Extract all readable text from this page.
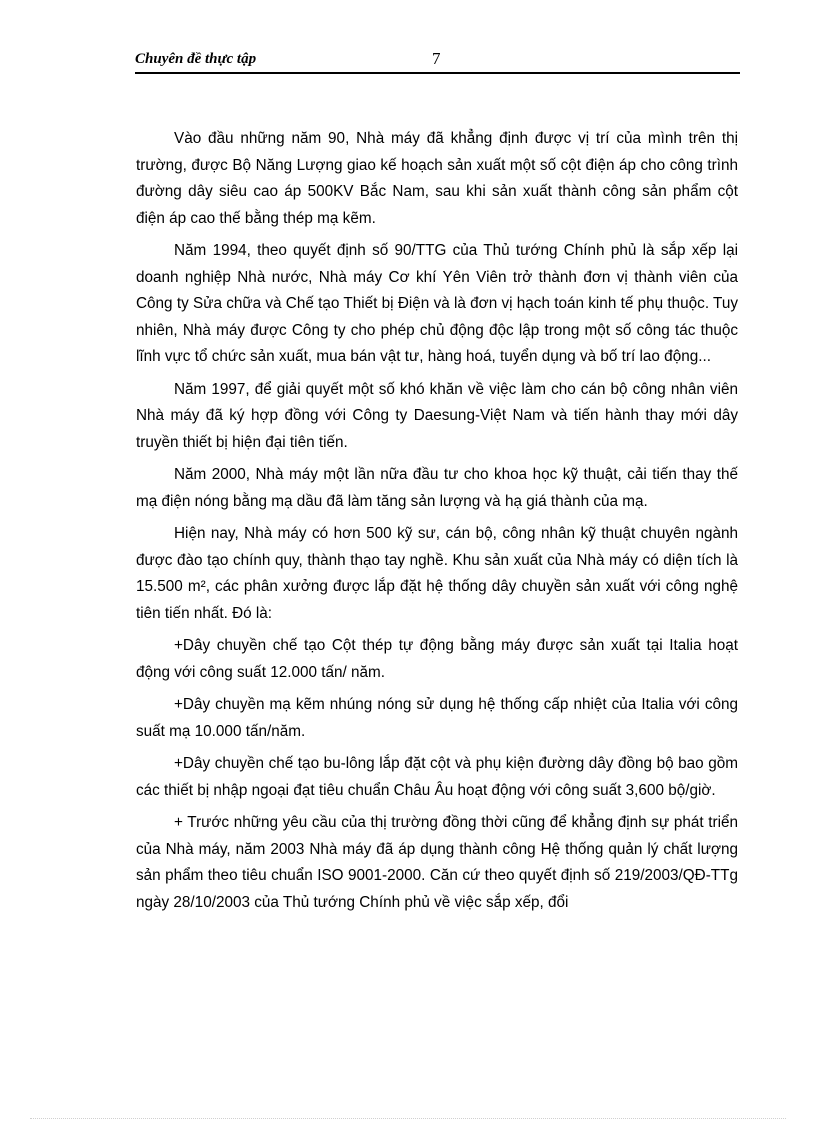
Chuyên đề thực tập	7

Vào đầu những năm 90, Nhà máy đã khẳng định được vị trí của mình trên thị trường, được Bộ Năng Lượng giao kế hoạch sản xuất một số cột điện áp cho công trình đường dây siêu cao áp 500KV Bắc Nam, sau khi sản xuất thành công sản phẩm cột điện áp cao thế bằng thép mạ kẽm.

Năm 1994, theo quyết định số 90/TTG của Thủ tướng Chính phủ là sắp xếp lại doanh nghiệp Nhà nước, Nhà máy Cơ khí Yên Viên trở thành đơn vị thành viên của Công ty Sửa chữa và Chế tạo Thiết bị Điện và là đơn vị hạch toán kinh tế phụ thuộc. Tuy nhiên, Nhà máy được Công ty cho phép chủ động độc lập trong một số công tác thuộc lĩnh vực tổ chức sản xuất, mua bán vật tư, hàng hoá, tuyển dụng và bố trí lao động...

Năm 1997, để giải quyết một số khó khăn về việc làm cho cán bộ công nhân viên Nhà máy đã ký hợp đồng với Công ty Daesung-Việt Nam và tiến hành thay mới dây truyền thiết bị hiện đại tiên tiến.

Năm 2000, Nhà máy một lần nữa đầu tư cho khoa học kỹ thuật, cải tiến thay thế mạ điện nóng bằng mạ dầu đã làm tăng sản lượng và hạ giá thành của mạ.

Hiện nay, Nhà máy có hơn 500 kỹ sư, cán bộ, công nhân kỹ thuật chuyên ngành được đào tạo chính quy, thành thạo tay nghề. Khu sản xuất của Nhà máy có diện tích là 15.500 m², các phân xưởng được lắp đặt hệ thống dây chuyền sản xuất với công nghệ tiên tiến nhất. Đó là:

+Dây chuyền chế tạo Cột thép tự động bằng máy được sản xuất tại Italia hoạt động với công suất 12.000 tấn/ năm.

+Dây chuyền mạ kẽm nhúng nóng sử dụng hệ thống cấp nhiệt của Italia với công suất mạ 10.000 tấn/năm.

+Dây chuyền chế tạo bu-lông lắp đặt cột và phụ kiện đường dây đồng bộ bao gồm các thiết bị nhập ngoại đạt tiêu chuẩn Châu Âu hoạt động với công suất 3,600 bộ/giờ.

+ Trước những yêu cầu của thị trường đồng thời cũng để khẳng định sự phát triển của Nhà máy, năm 2003 Nhà máy đã áp dụng thành công Hệ thống quản lý chất lượng sản phẩm theo tiêu chuẩn ISO 9001-2000. Căn cứ theo quyết định số 219/2003/QĐ-TTg ngày 28/10/2003 của Thủ tướng Chính phủ về việc sắp xếp, đổi
